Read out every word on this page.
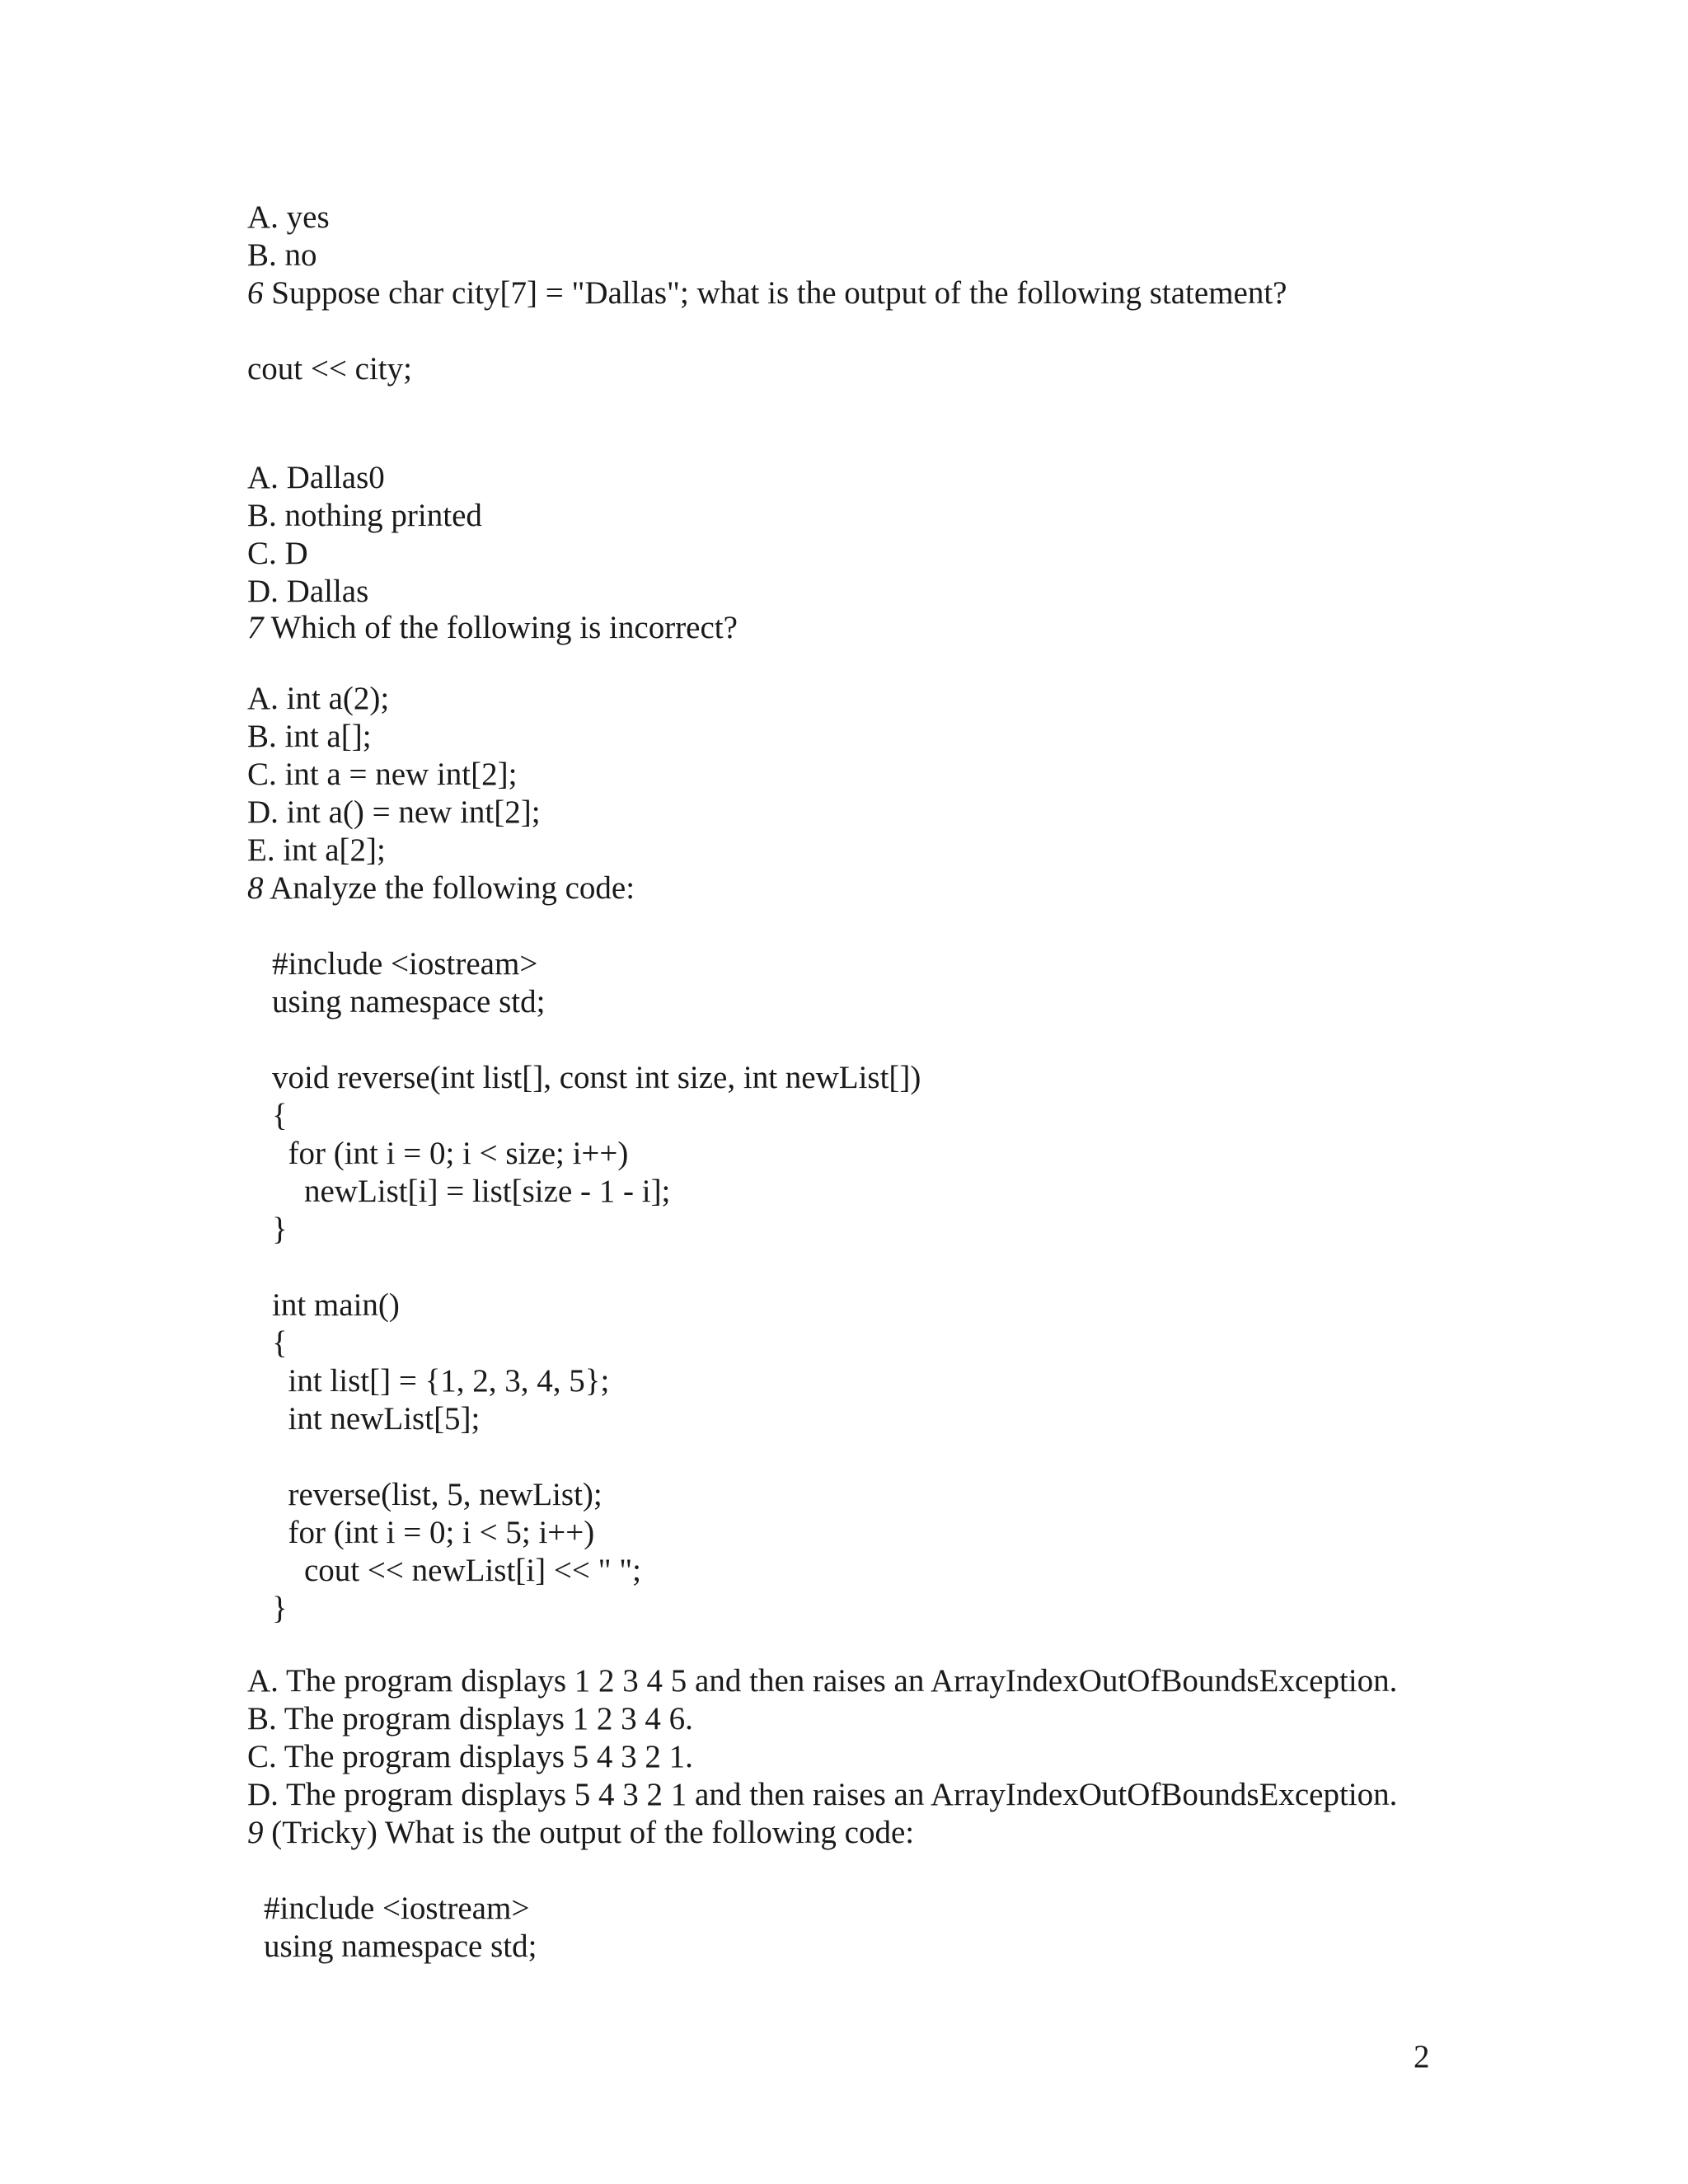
A. yes
B. no
6 Suppose char city[7] = "Dallas"; what is the output of the following statement?
cout << city;
A. Dallas0
B. nothing printed
C. D
D. Dallas
7 Which of the following is incorrect?
A. int a(2);
B. int a[];
C. int a = new int[2];
D. int a() = new int[2];
E. int a[2];
8 Analyze the following code:
#include <iostream>
using namespace std;
void reverse(int list[], const int size, int newList[])
{
for (int i = 0; i < size; i++)
newList[i] = list[size - 1 - i];
}
int main()
{
int list[] = {1, 2, 3, 4, 5};
int newList[5];
reverse(list, 5, newList);
for (int i = 0; i < 5; i++)
cout << newList[i] << " ";
}
A. The program displays 1 2 3 4 5 and then raises an ArrayIndexOutOfBoundsException.
B. The program displays 1 2 3 4 6.
C. The program displays 5 4 3 2 1.
D. The program displays 5 4 3 2 1 and then raises an ArrayIndexOutOfBoundsException.
9 (Tricky) What is the output of the following code:
#include <iostream>
using namespace std;
2
